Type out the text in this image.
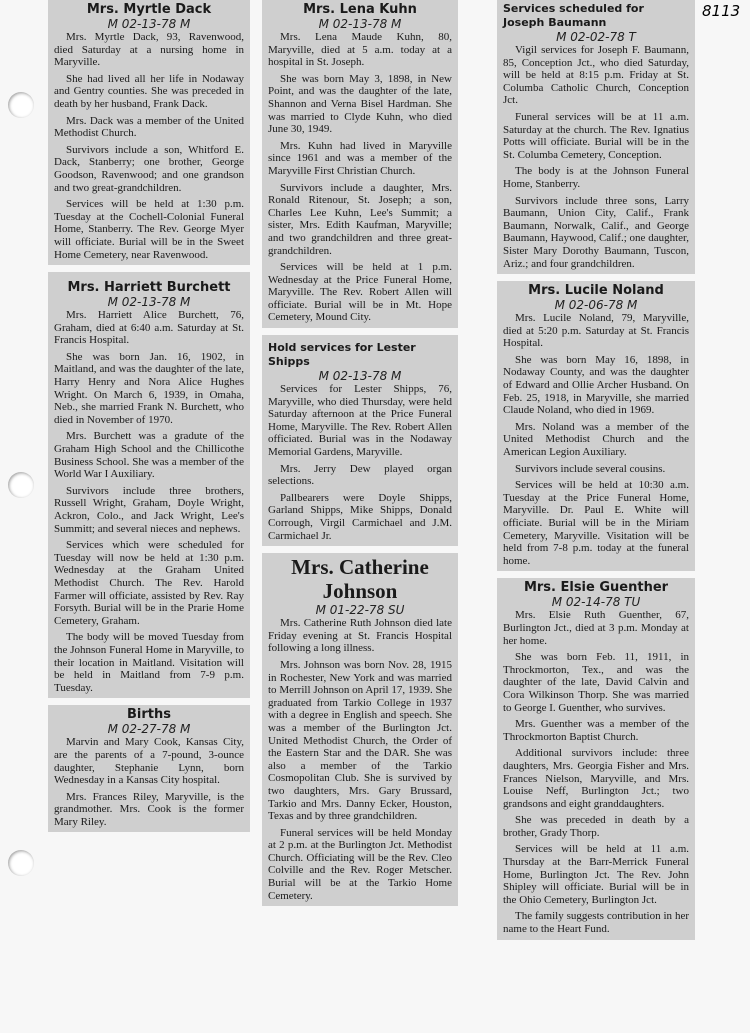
8113
Mrs. Myrtle Dack
M 02-13-78 M

Mrs. Myrtle Dack, 93, Ravenwood, died Saturday at a nursing home in Maryville.

She had lived all her life in Nodaway and Gentry counties. She was preceded in death by her husband, Frank Dack.

Mrs. Dack was a member of the United Methodist Church.

Survivors include a son, Whitford E. Dack, Stanberry; one brother, George Goodson, Ravenwood; and one grandson and two great-grandchildren.

Services will be held at 1:30 p.m. Tuesday at the Cochell-Colonial Funeral Home, Stanberry. The Rev. George Myer will officiate. Burial will be in the Sweet Home Cemetery, near Ravenwood.

Mrs. Harriett Burchett
M 02-13-78 M

Mrs. Harriett Alice Burchett, 76, Graham, died at 6:40 a.m. Saturday at St. Francis Hospital.

She was born Jan. 16, 1902, in Maitland, and was the daughter of the late, Harry Henry and Nora Alice Hughes Wright. On March 6, 1939, in Omaha, Neb., she married Frank N. Burchett, who died in November of 1970.

Mrs. Burchett was a gradute of the Graham High School and the Chillicothe Business School. She was a member of the World War I Auxiliary.

Survivors include three brothers, Russell Wright, Graham, Doyle Wright, Ackron, Colo., and Jack Wright, Lee's Summitt; and several nieces and nephews.

Services which were scheduled for Tuesday will now be held at 1:30 p.m. Wednesday at the Graham United Methodist Church. The Rev. Harold Farmer will officiate, assisted by Rev. Ray Forsyth. Burial will be in the Prarie Home Cemetery, Graham.

The body will be moved Tuesday from the Johnson Funeral Home in Maryville, to their location in Maitland. Visitation will be held in Maitland from 7-9 p.m. Tuesday.

Births
M 02-27-78 M

Marvin and Mary Cook, Kansas City, are the parents of a 7-pound, 3-ounce daughter, Stephanie Lynn, born Wednesday in a Kansas City hospital.

Mrs. Frances Riley, Maryville, is the grandmother. Mrs. Cook is the former Mary Riley.

Mrs. Lena Kuhn
M 02-13-78 M

Mrs. Lena Maude Kuhn, 80, Maryville, died at 5 a.m. today at a hospital in St. Joseph.

She was born May 3, 1898, in New Point, and was the daughter of the late, Shannon and Verna Bisel Hardman. She was married to Clyde Kuhn, who died June 30, 1949.

Mrs. Kuhn had lived in Maryville since 1961 and was a member of the Maryville First Christian Church.

Survivors include a daughter, Mrs. Ronald Ritenour, St. Joseph; a son, Charles Lee Kuhn, Lee's Summit; a sister, Mrs. Edith Kaufman, Maryville; and two grandchildren and three great-grandchildren.

Services will be held at 1 p.m. Wednesday at the Price Funeral Home, Maryville. The Rev. Robert Allen will officiate. Burial will be in Mt. Hope Cemetery, Mound City.

Hold services for Lester Shipps
M 02-13-78 M

Services for Lester Shipps, 76, Maryville, who died Thursday, were held Saturday afternoon at the Price Funeral Home, Maryville. The Rev. Robert Allen officiated. Burial was in the Nodaway Memorial Gardens, Maryville.

Mrs. Jerry Dew played organ selections.

Pallbearers were Doyle Shipps, Garland Shipps, Mike Shipps, Donald Corrough, Virgil Carmichael and J.M. Carmichael Jr.

Mrs. Catherine Johnson
M 01-22-78 SU

Mrs. Catherine Ruth Johnson died late Friday evening at St. Francis Hospital following a long illness.

Mrs. Johnson was born Nov. 28, 1915 in Rochester, New York and was married to Merrill Johnson on April 17, 1939. She graduated from Tarkio College in 1937 with a degree in English and speech. She was a member of the Burlington Jct. United Methodist Church, the Order of the Eastern Star and the DAR. She was also a member of the Tarkio Cosmopolitan Club. She is survived by two daughters, Mrs. Gary Brussard, Tarkio and Mrs. Danny Ecker, Houston, Texas and by three grandchildren.

Funeral services will be held Monday at 2 p.m. at the Burlington Jct. Methodist Church. Officiating will be the Rev. Cleo Colville and the Rev. Roger Metscher. Burial will be at the Tarkio Home Cemetery.

Services scheduled for Joseph Baumann
M 02-02-78 T

Vigil services for Joseph F. Baumann, 85, Conception Jct., who died Saturday, will be held at 8:15 p.m. Friday at St. Columba Catholic Church, Conception Jct.

Funeral services will be at 11 a.m. Saturday at the church. The Rev. Ignatius Potts will officiate. Burial will be in the St. Columba Cemetery, Conception.

The body is at the Johnson Funeral Home, Stanberry.

Survivors include three sons, Larry Baumann, Union City, Calif., Frank Baumann, Norwalk, Calif., and George Baumann, Haywood, Calif.; one daughter, Sister Mary Dorothy Baumann, Tuscon, Ariz.; and four grandchildren.

Mrs. Lucile Noland
M 02-06-78 M

Mrs. Lucile Noland, 79, Maryville, died at 5:20 p.m. Saturday at St. Francis Hospital.

She was born May 16, 1898, in Nodaway County, and was the daughter of Edward and Ollie Archer Husband. On Feb. 25, 1918, in Maryville, she married Claude Noland, who died in 1969.

Mrs. Noland was a member of the United Methodist Church and the American Legion Auxiliary.

Survivors include several cousins.

Services will be held at 10:30 a.m. Tuesday at the Price Funeral Home, Maryville. Dr. Paul E. White will officiate. Burial will be in the Miriam Cemetery, Maryville. Visitation will be held from 7-8 p.m. today at the funeral home.

Mrs. Elsie Guenther
M 02-14-78 TU

Mrs. Elsie Ruth Guenther, 67, Burlington Jct., died at 3 p.m. Monday at her home.

She was born Feb. 11, 1911, in Throckmorton, Tex., and was the daughter of the late, David Calvin and Cora Wilkinson Thorp. She was married to George I. Guenther, who survives.

Mrs. Guenther was a member of the Throckmorton Baptist Church.

Additional survivors include: three daughters, Mrs. Georgia Fisher and Mrs. Frances Nielson, Maryville, and Mrs. Louise Neff, Burlington Jct.; two grandsons and eight granddaughters.

She was preceded in death by a brother, Grady Thorp.

Services will be held at 11 a.m. Thursday at the Barr-Merrick Funeral Home, Burlington Jct. The Rev. John Shipley will officiate. Burial will be in the Ohio Cemetery, Burlington Jct.

The family suggests contribution in her name to the Heart Fund.
